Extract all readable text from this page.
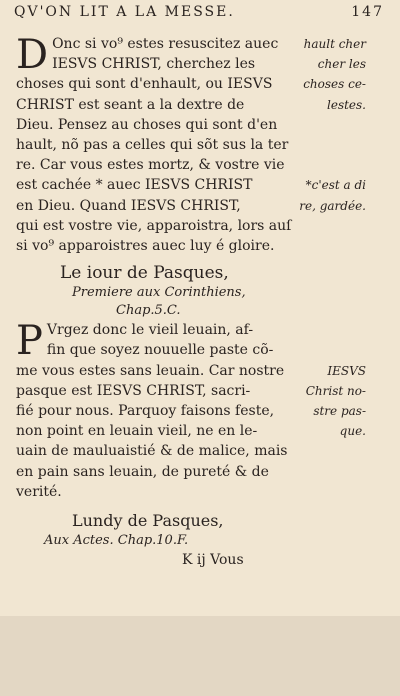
QV'ON LIT A LA MESSE.	147
D Onc si vo⁹ estes resuscitez auec hault cher
IESVS CHRIST, cherchez les	cher les
choses qui sont d'enhault, ou IESVS	choses ce-
CHRIST est seant a la dextre de	lestes.
Dieu. Pensez au choses qui sont d'en
hault, nõ pas a celles qui sõt sus la ter
re. Car vous estes mortz, & vostre vie
est cachée * auec IESVS CHRIST	*c'est a di
en Dieu. Quand IESVS CHRIST,	re, gardée.
qui est vostre vie, apparoistra, lors auſ
si vo⁹ apparoistres auec luy é gloire.
Le iour de Pasques,
Premiere aux Corinthiens,
Chap.5.C.
P Vrgez donc le vieil leuain, af-
fin que soyez nouuelle paste cõ-
me vous estes sans leuain. Car nostre	IESVS
pasque est IESVS CHRIST, sacri-	Christ no-
fié pour nous. Parquoy faisons feste,	stre pas-
non point en leuain vieil, ne en le-	que.
uain de mauluaistié & de malice, mais
en pain sans leuain, de pureté & de
verité.
Lundy de Pasques,
Aux Actes. Chap.10.F.
K ij Vous
